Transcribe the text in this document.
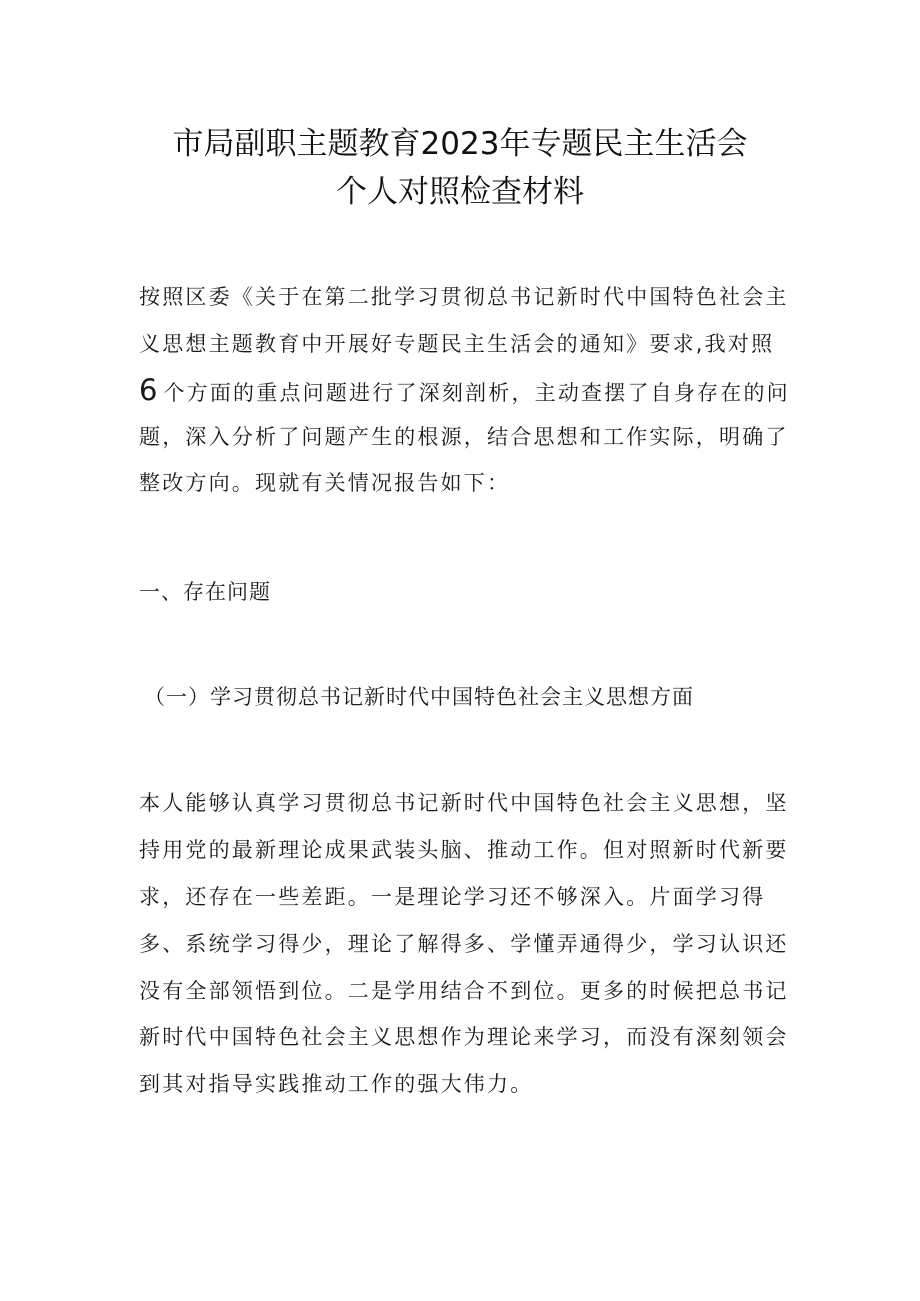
市局副职主题教育2023年专题民主生活会
个人对照检查材料
按照区委《关于在第二批学习贯彻总书记新时代中国特色社会主
义思想主题教育中开展好专题民主生活会的通知》要求,我对照
6 个方面的重点问题进行了深刻剖析，主动查摆了自身存在的问
题，深入分析了问题产生的根源，结合思想和工作实际，明确了
整改方向。现就有关情况报告如下：
一、存在问题
（一）学习贯彻总书记新时代中国特色社会主义思想方面
本人能够认真学习贯彻总书记新时代中国特色社会主义思想，坚
持用党的最新理论成果武装头脑、推动工作。但对照新时代新要
求，还存在一些差距。一是理论学习还不够深入。片面学习得
多、系统学习得少，理论了解得多、学懂弄通得少，学习认识还
没有全部领悟到位。二是学用结合不到位。更多的时候把总书记
新时代中国特色社会主义思想作为理论来学习，而没有深刻领会
到其对指导实践推动工作的强大伟力。
